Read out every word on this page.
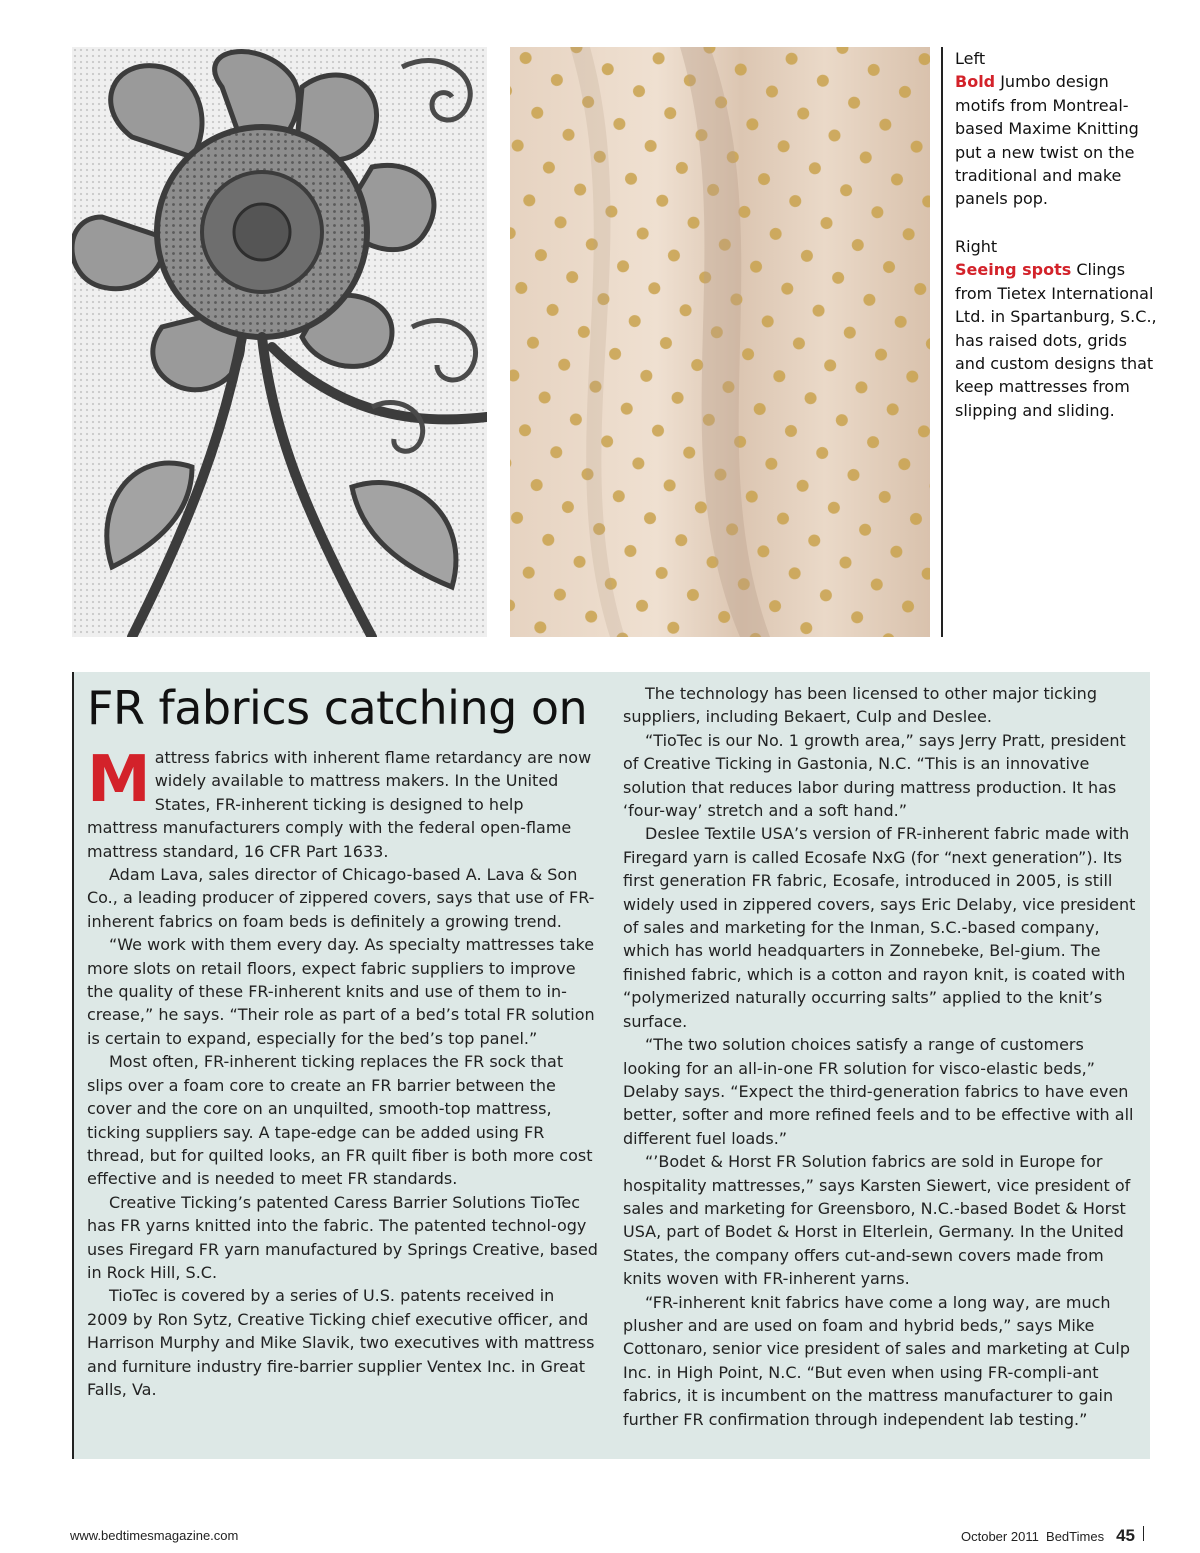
Left
Bold Jumbo design motifs from Montreal-based Maxime Knitting put a new twist on the traditional and make panels pop.
Right
Seeing spots Clings from Tietex International Ltd. in Spartanburg, S.C., has raised dots, grids and custom designs that keep mattresses from slipping and sliding.
FR fabrics catching on

Mattress fabrics with inherent flame retardancy are now widely available to mattress makers. In the United States, FR-inherent ticking is designed to help mattress manufacturers comply with the federal open-flame mattress standard, 16 CFR Part 1633.

Adam Lava, sales director of Chicago-based A. Lava & Son Co., a leading producer of zippered covers, says that use of FR-inherent fabrics on foam beds is definitely a growing trend.

“We work with them every day. As specialty mattresses take more slots on retail floors, expect fabric suppliers to improve the quality of these FR-inherent knits and use of them to in-crease,” he says. “Their role as part of a bed’s total FR solution is certain to expand, especially for the bed’s top panel.”

Most often, FR-inherent ticking replaces the FR sock that slips over a foam core to create an FR barrier between the cover and the core on an unquilted, smooth-top mattress, ticking suppliers say. A tape-edge can be added using FR thread, but for quilted looks, an FR quilt fiber is both more cost effective and is needed to meet FR standards.

Creative Ticking’s patented Caress Barrier Solutions TioTec has FR yarns knitted into the fabric. The patented technol-ogy uses Firegard FR yarn manufactured by Springs Creative, based in Rock Hill, S.C.

TioTec is covered by a series of U.S. patents received in 2009 by Ron Sytz, Creative Ticking chief executive officer, and Harrison Murphy and Mike Slavik, two executives with mattress and furniture industry fire-barrier supplier Ventex Inc. in Great Falls, Va.

The technology has been licensed to other major ticking suppliers, including Bekaert, Culp and Deslee.

“TioTec is our No. 1 growth area,” says Jerry Pratt, president of Creative Ticking in Gastonia, N.C. “This is an innovative solution that reduces labor during mattress production. It has ‘four-way’ stretch and a soft hand.”

Deslee Textile USA’s version of FR-inherent fabric made with Firegard yarn is called Ecosafe NxG (for “next generation”). Its first generation FR fabric, Ecosafe, introduced in 2005, is still widely used in zippered covers, says Eric Delaby, vice president of sales and marketing for the Inman, S.C.-based company, which has world headquarters in Zonnebeke, Bel-gium. The finished fabric, which is a cotton and rayon knit, is coated with “polymerized naturally occurring salts” applied to the knit’s surface.

“The two solution choices satisfy a range of customers looking for an all-in-one FR solution for visco-elastic beds,” Delaby says. “Expect the third-generation fabrics to have even better, softer and more refined feels and to be effective with all different fuel loads.”

“’Bodet & Horst FR Solution fabrics are sold in Europe for hospitality mattresses,” says Karsten Siewert, vice president of sales and marketing for Greensboro, N.C.-based Bodet & Horst USA, part of Bodet & Horst in Elterlein, Germany. In the United States, the company offers cut-and-sewn covers made from knits woven with FR-inherent yarns.

“FR-inherent knit fabrics have come a long way, are much plusher and are used on foam and hybrid beds,” says Mike Cottonaro, senior vice president of sales and marketing at Culp Inc. in High Point, N.C. “But even when using FR-compli-ant fabrics, it is incumbent on the mattress manufacturer to gain further FR confirmation through independent lab testing.”

www.bedtimesmagazine.com	October 2011  BedTimes 45
